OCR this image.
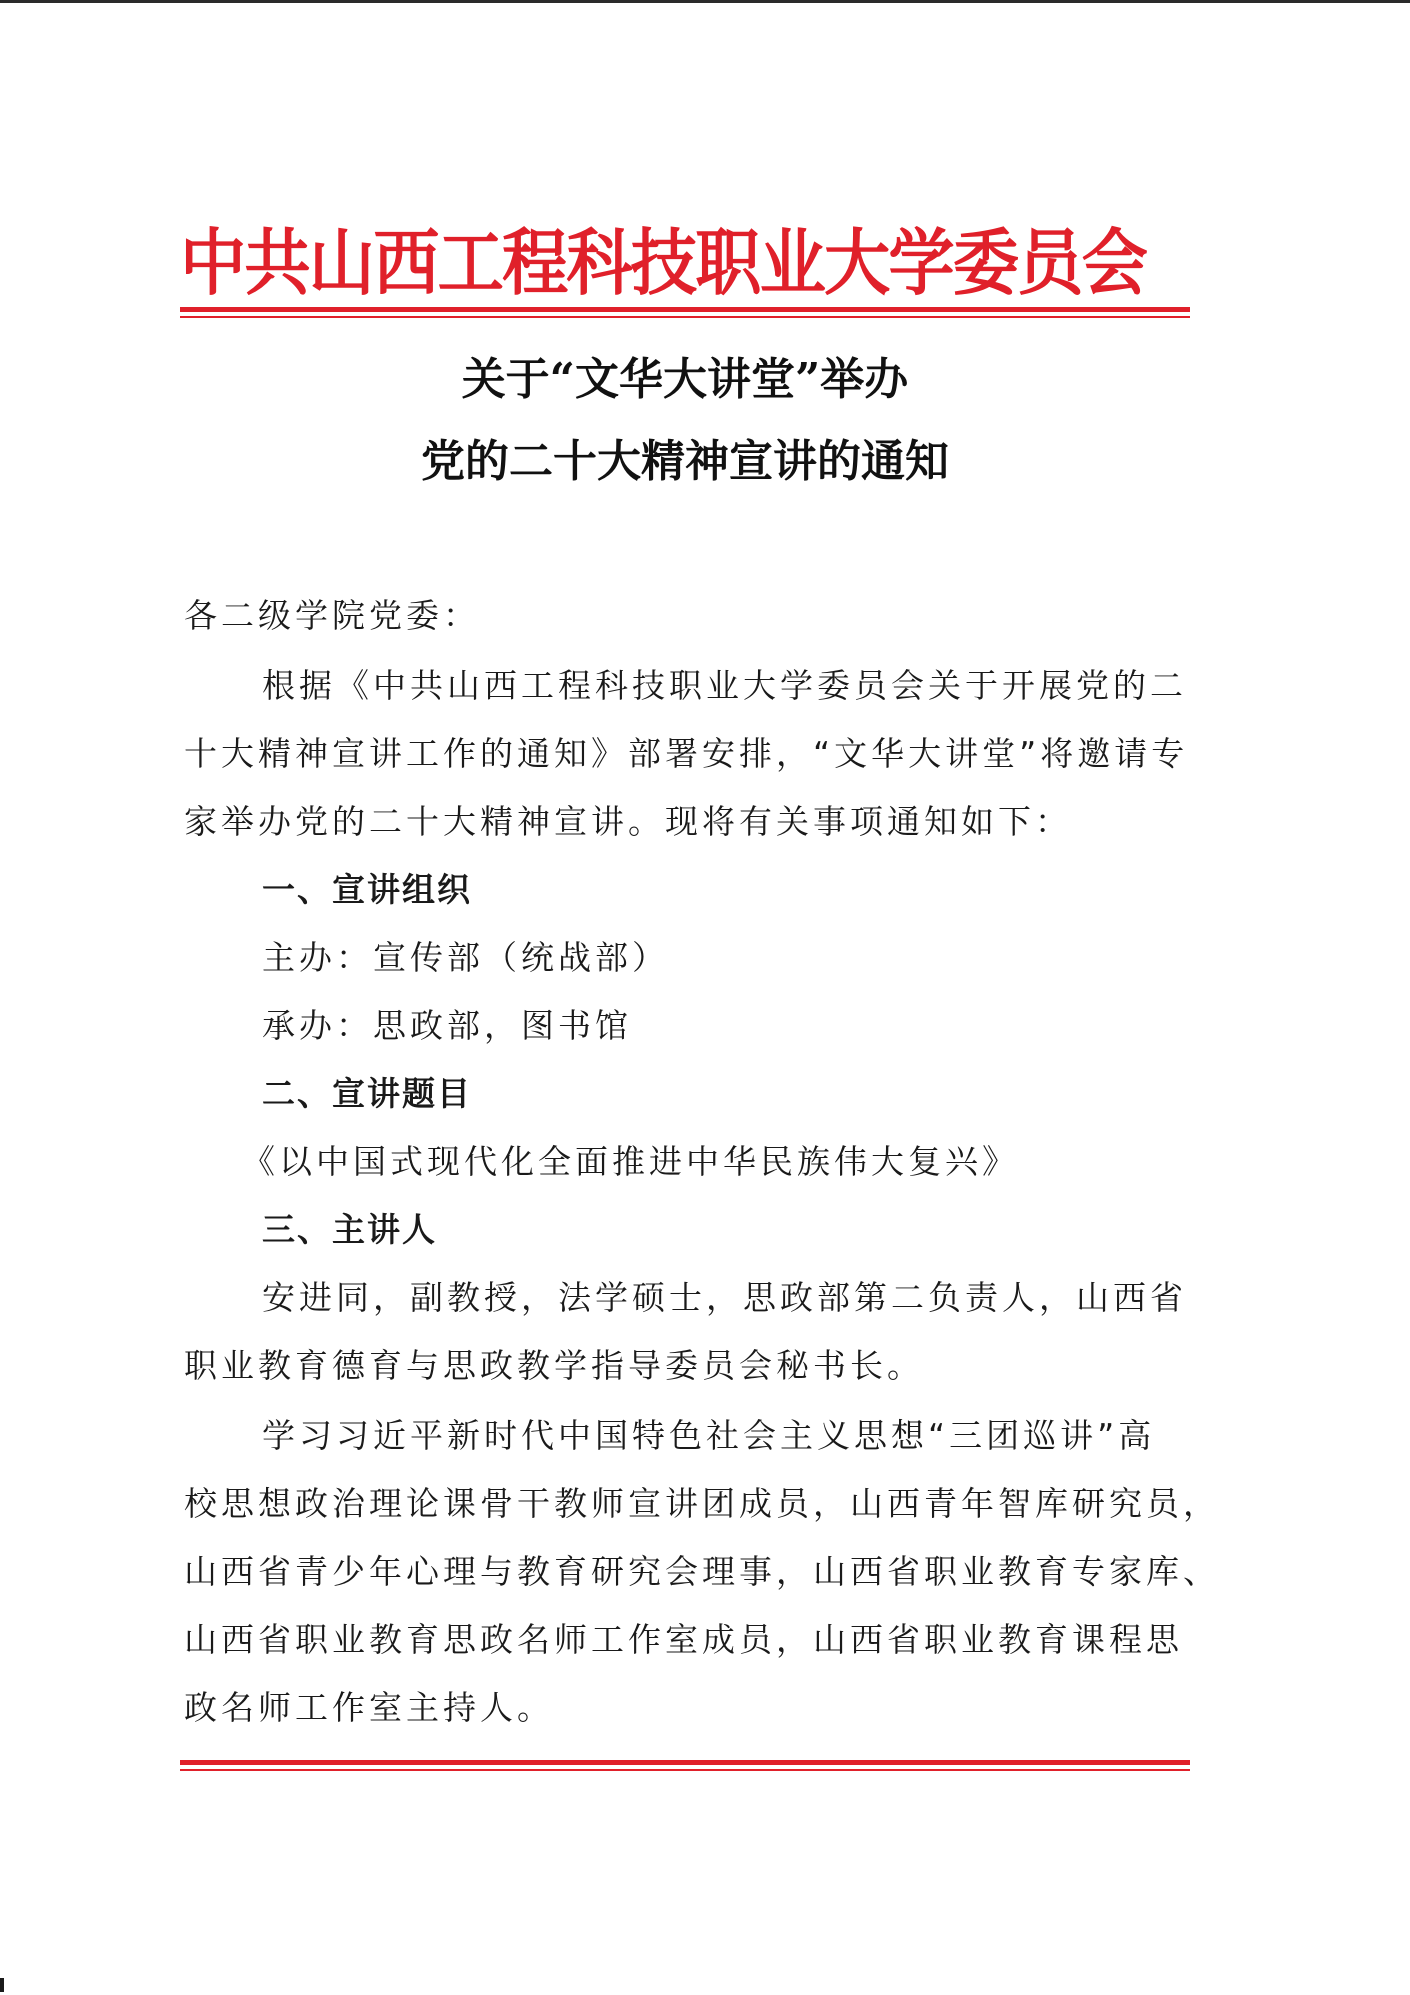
中共山西工程科技职业大学委员会
关于“文华大讲堂”举办
党的二十大精神宣讲的通知
各二级学院党委：
根据《中共山西工程科技职业大学委员会关于开展党的二
十大精神宣讲工作的通知》部署安排，“文华大讲堂”将邀请专
家举办党的二十大精神宣讲。现将有关事项通知如下：
一、宣讲组织
主办：宣传部（统战部）
承办：思政部，图书馆
二、宣讲题目
《以中国式现代化全面推进中华民族伟大复兴》
三、主讲人
安进同，副教授，法学硕士，思政部第二负责人，山西省
职业教育德育与思政教学指导委员会秘书长。
学习习近平新时代中国特色社会主义思想“三团巡讲”高
校思想政治理论课骨干教师宣讲团成员，山西青年智库研究员，
山西省青少年心理与教育研究会理事，山西省职业教育专家库、
山西省职业教育思政名师工作室成员，山西省职业教育课程思
政名师工作室主持人。
